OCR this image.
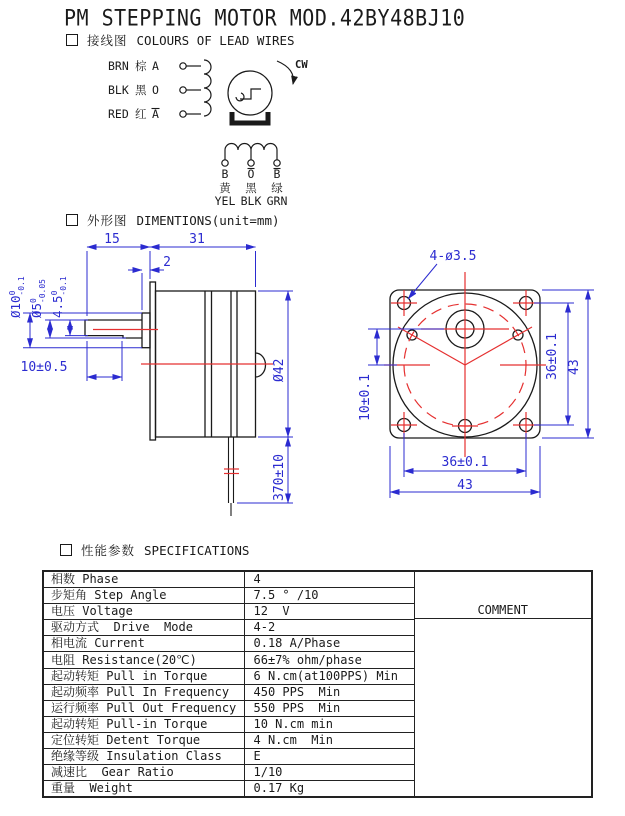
PM STEPPING MOTOR MOD.42BY48BJ10
接线图 COLOURS OF LEAD WIRES
外形图 DIMENTIONS(unit=mm)
性能参数 SPECIFICATIONS
BRN 棕 A
BLK 黑 O
RED 红 A
CW
B O B
黄 黑 绿
YEL BLK GRN
15	31
2
$Ø10^0-0.1$
$Ø5^0-0.05$
$4.5^0-0.1$
10±0.5	Ø42
370±10
4-ø3.5
10±0.1
36±0.1 43
36±0.1
43
相数 Phase	4	COMMENT

步矩角 Step Angle	7.5 ° /10	
电压 Voltage	12  V	
驱动方式  Drive  Mode	4-2	
相电流 Current	0.18 A/Phase	
电阻 Resistance(20℃)	66±7% ohm/phase	
起动转矩 Pull in Torque	6 N.cm(at100PPS) Min	
起动频率 Pull In Frequency	450 PPS  Min	
运行频率 Pull Out Frequency	550 PPS  Min	
起动转矩 Pull-in Torque	10 N.cm min	
定位转矩 Detent Torque	4 N.cm  Min	
绝缘等级 Insulation Class	E	
减速比  Gear Ratio	1/10	
重量  Weight	0.17 Kg	
